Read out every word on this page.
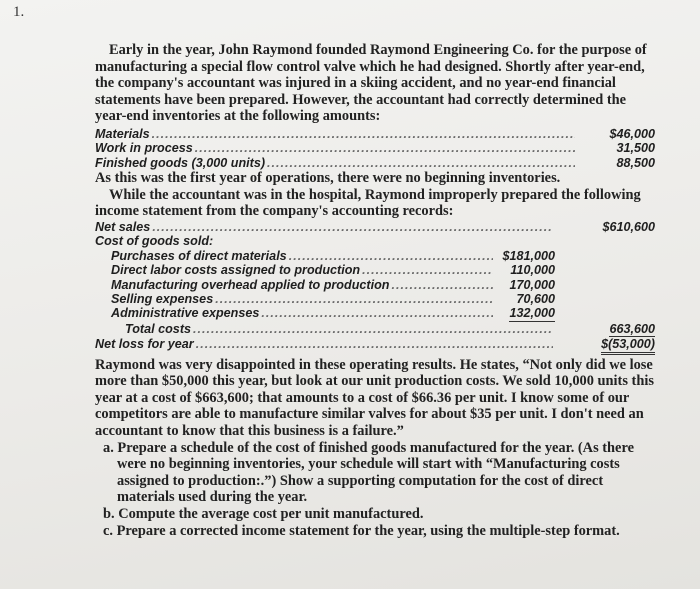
1.

Early in the year, John Raymond founded Raymond Engineering Co. for the purpose of manufacturing a special flow control valve which he had designed. Shortly after year-end, the company's accountant was injured in a skiing accident, and no year-end financial statements have been prepared. However, the accountant had correctly determined the year-end inventories at the following amounts:

Materials .....	$46,000
Work in process .....	31,500
Finished goods (3,000 units) .....	88,500

As this was the first year of operations, there were no beginning inventories.

While the accountant was in the hospital, Raymond improperly prepared the following income statement from the company's accounting records:

Net sales .....	$610,600
Cost of goods sold:
Purchases of direct materials .....	$181,000
Direct labor costs assigned to production .....	110,000
Manufacturing overhead applied to production .....	170,000
Selling expenses .....	70,600
Administrative expenses .....	132,000
Total costs .....	663,600
Net loss for year .....	$(53,000)

Raymond was very disappointed in these operating results. He states, “Not only did we lose more than $50,000 this year, but look at our unit production costs. We sold 10,000 units this year at a cost of $663,600; that amounts to a cost of $66.36 per unit. I know some of our competitors are able to manufacture similar valves for about $35 per unit. I don't need an accountant to know that this business is a failure.”

a. Prepare a schedule of the cost of finished goods manufactured for the year. (As there were no beginning inventories, your schedule will start with “Manufacturing costs assigned to production:.”) Show a supporting computation for the cost of direct materials used during the year.

b. Compute the average cost per unit manufactured.

c. Prepare a corrected income statement for the year, using the multiple-step format.
